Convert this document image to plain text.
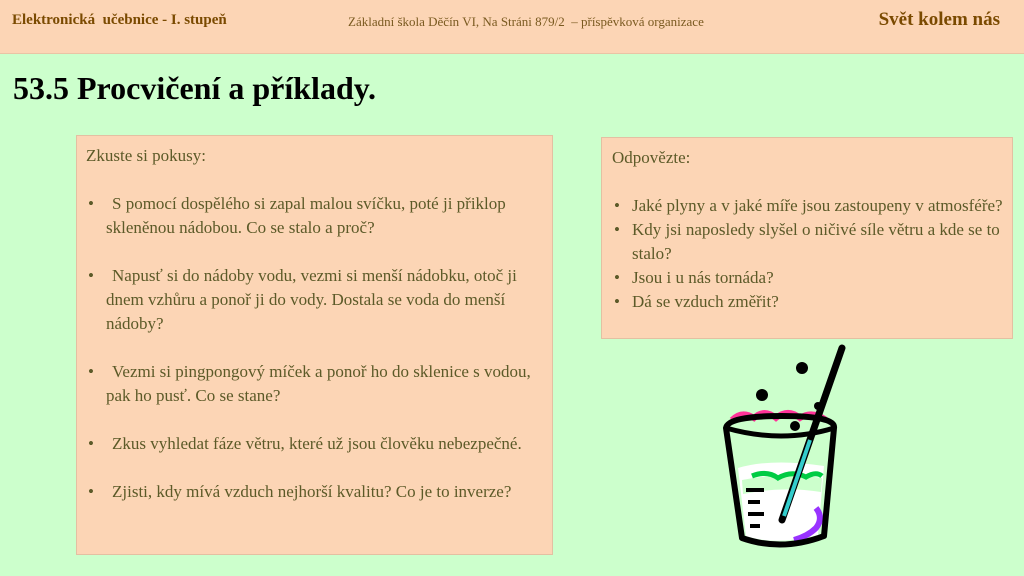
Elektronická  učebnice - I. stupeň	Základní škola Děčín VI, Na Stráni 879/2  – příspěvková organizace	Svět kolem nás
53.5 Procvičení a příklady.
Zkuste si pokusy:
• S pomocí dospělého si zapal malou svíčku, poté ji přiklop skleněnou nádobou. Co se stalo a proč?
• Napusť si do nádoby vodu, vezmi si menší nádobku, otoč ji dnem vzhůru a ponoř ji do vody. Dostala se voda do menší nádoby?
• Vezmi si pingpongový míček a ponoř ho do sklenice s vodou, pak ho pusť. Co se stane?
• Zkus vyhledat fáze větru, které už jsou člověku nebezpečné.
• Zjisti, kdy mívá vzduch nejhorší kvalitu? Co je to inverze?
Odpovězte:
• Jaké plyny a v jaké míře jsou zastoupeny v atmosféře?
• Kdy jsi naposledy slyšel o ničivé síle větru a kde se to stalo?
• Jsou i u nás tornáda?
• Dá se vzduch změřit?
